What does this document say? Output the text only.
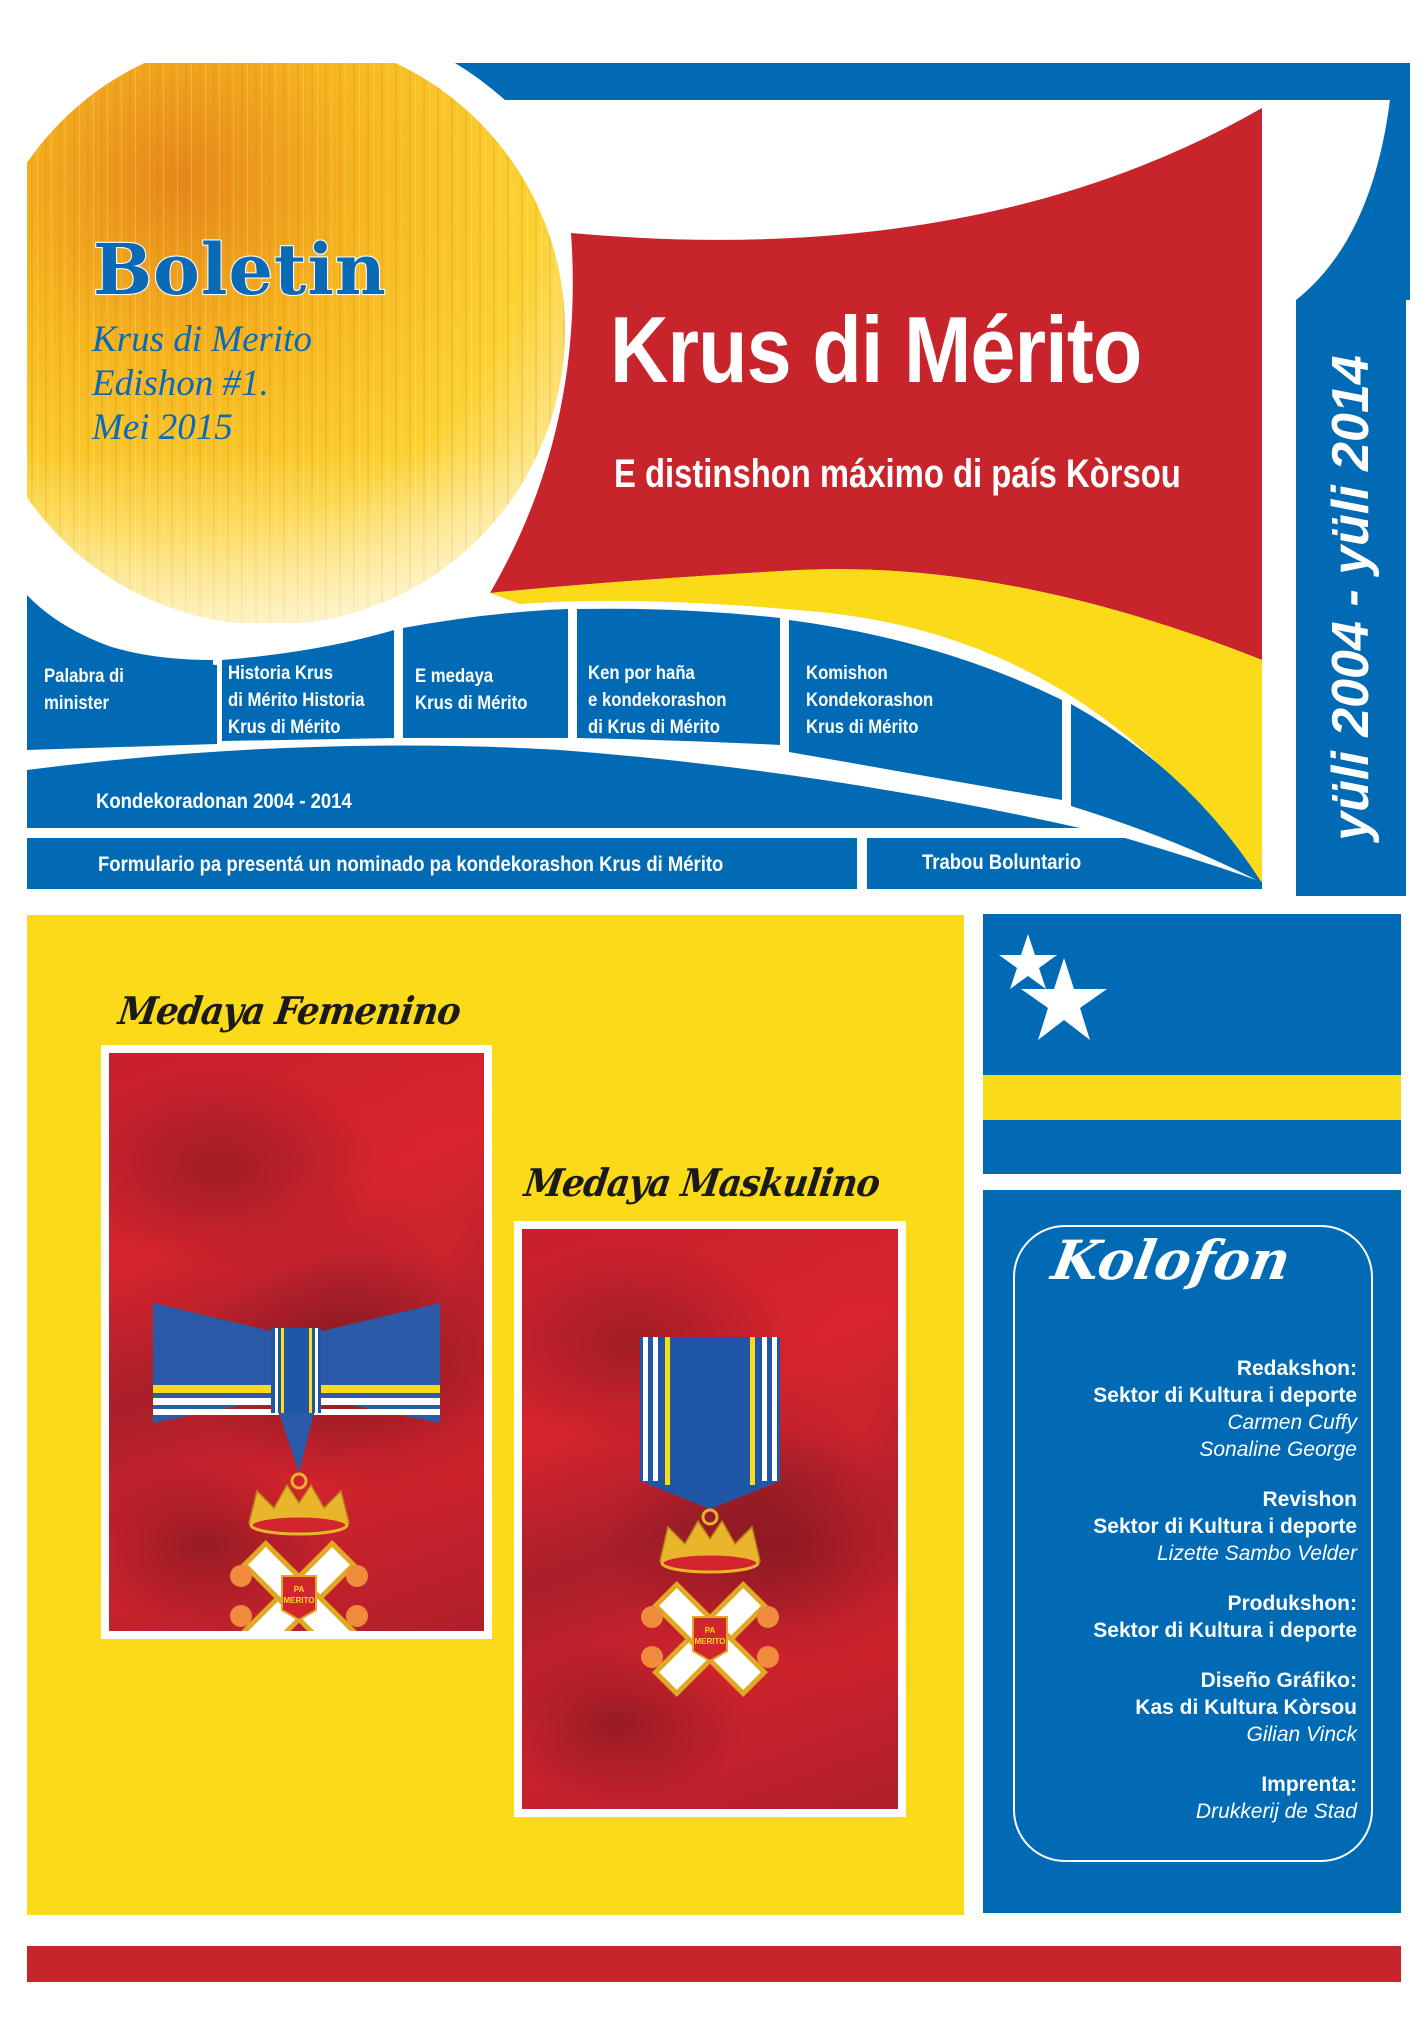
Boletin
Krus di Merito
Edishon #1.
Mei 2015
Krus di Mérito
E distinshon máximo di país Kòrsou	yüli 2004 - yüli 2014
Palabra di
minister
Historia Krus
di Mérito Historia
Krus di Mérito
E medaya
Krus di Mérito
Ken por haña
e kondekorashon
di Krus di Mérito
Komishon
Kondekorashon
Krus di Mérito
Kondekoradonan 2004 - 2014
Formulario pa presentá un nominado pa kondekorashon Krus di Mérito	Trabou Boluntario
Medaya Femenino
PA
MERITO
Medaya Maskulino
PA
MERITO
Kolofon
Redakshon:
Sektor di Kultura i deporte
Carmen Cuffy
Sonaline George
Revishon
Sektor di Kultura i deporte
Lizette Sambo Velder
Produkshon:
Sektor di Kultura i deporte
Diseño Gráfiko:
Kas di Kultura Kòrsou
Gilian Vinck
Imprenta:
Drukkerij de Stad
